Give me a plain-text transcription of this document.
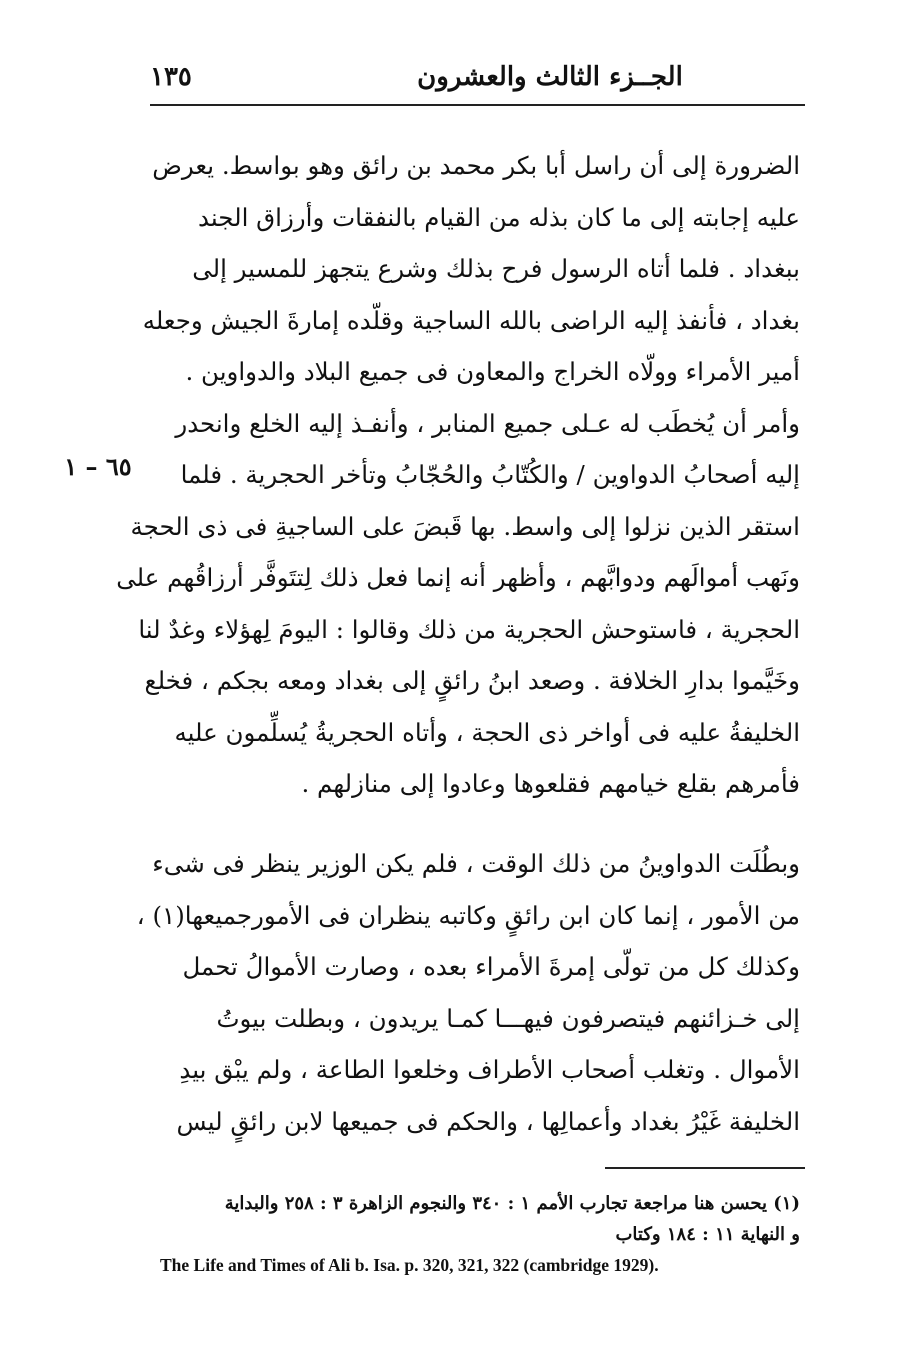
١٣٥	الجــزء الثالث والعشرون
٦٥ – ١
الضرورة إلى أن راسل أبا بكر محمد بن رائق وهو بواسط. يعرض
عليه إجابته إلى ما كان بذله من القيام بالنفقات وأرزاق الجند
ببغداد . فلما أتاه الرسول فرح بذلك وشرع يتجهز للمسير إلى
بغداد ، فأنفذ إليه الراضى بالله الساجية وقلّده إمارةَ الجيش وجعله
أمير الأمراء وولّاه الخراج والمعاون فى جميع البلاد والدواوين .
وأمر أن يُخطَب له عـلى جميع المنابر ، وأنفـذ إليه الخلع وانحدر
إليه أصحابُ الدواوين / والكُتّابُ والحُجّابُ وتأخر الحجرية . فلما
استقر الذين نزلوا إلى واسط. بها قَبضَ على الساجيةِ فى ذى الحجة
ونَهب أموالَهم ودوابَّهم ، وأظهر أنه إنما فعل ذلك لِتتَوفَّر أرزاقُهم على
الحجرية ، فاستوحش الحجرية من ذلك وقالوا : اليومَ لِهؤلاء وغدٌ لنا
وخَيَّموا بدارِ الخلافة . وصعد ابنُ رائقٍ إلى بغداد ومعه بجكم ، فخلع
الخليفةُ عليه فى أواخر ذى الحجة ، وأتاه الحجريةُ يُسلِّمون عليه
فأمرهم بقلع خيامهم فقلعوها وعادوا إلى منازلهم .
وبطُلَت الدواوينُ من ذلك الوقت ، فلم يكن الوزير ينظر فى شىء
من الأمور ، إنما كان ابن رائقٍ وكاتبه ينظران فى الأمورجميعها(١) ،
وكذلك كل من تولّى إمرةَ الأمراء بعده ، وصارت الأموالُ تحمل
إلى خـزائنهم فيتصرفون فيهـــا كمـا يريدون ، وبطلت بيوتُ
الأموال . وتغلب أصحاب الأطراف وخلعوا الطاعة ، ولم يبْق بيدِ
الخليفة غَيْرُ بغداد وأعمالِها ، والحكم فى جميعها لابن رائقٍ ليس
(١) يحسن هنا مراجعة تجارب الأمم ١ : ٣٤٠ والنجوم الزاهرة ٣ : ٢٥٨ والبداية
و النهاية ١١ : ١٨٤ وكتاب
The Life and Times of Ali b. Isa. p. 320, 321, 322 (cambridge 1929).
